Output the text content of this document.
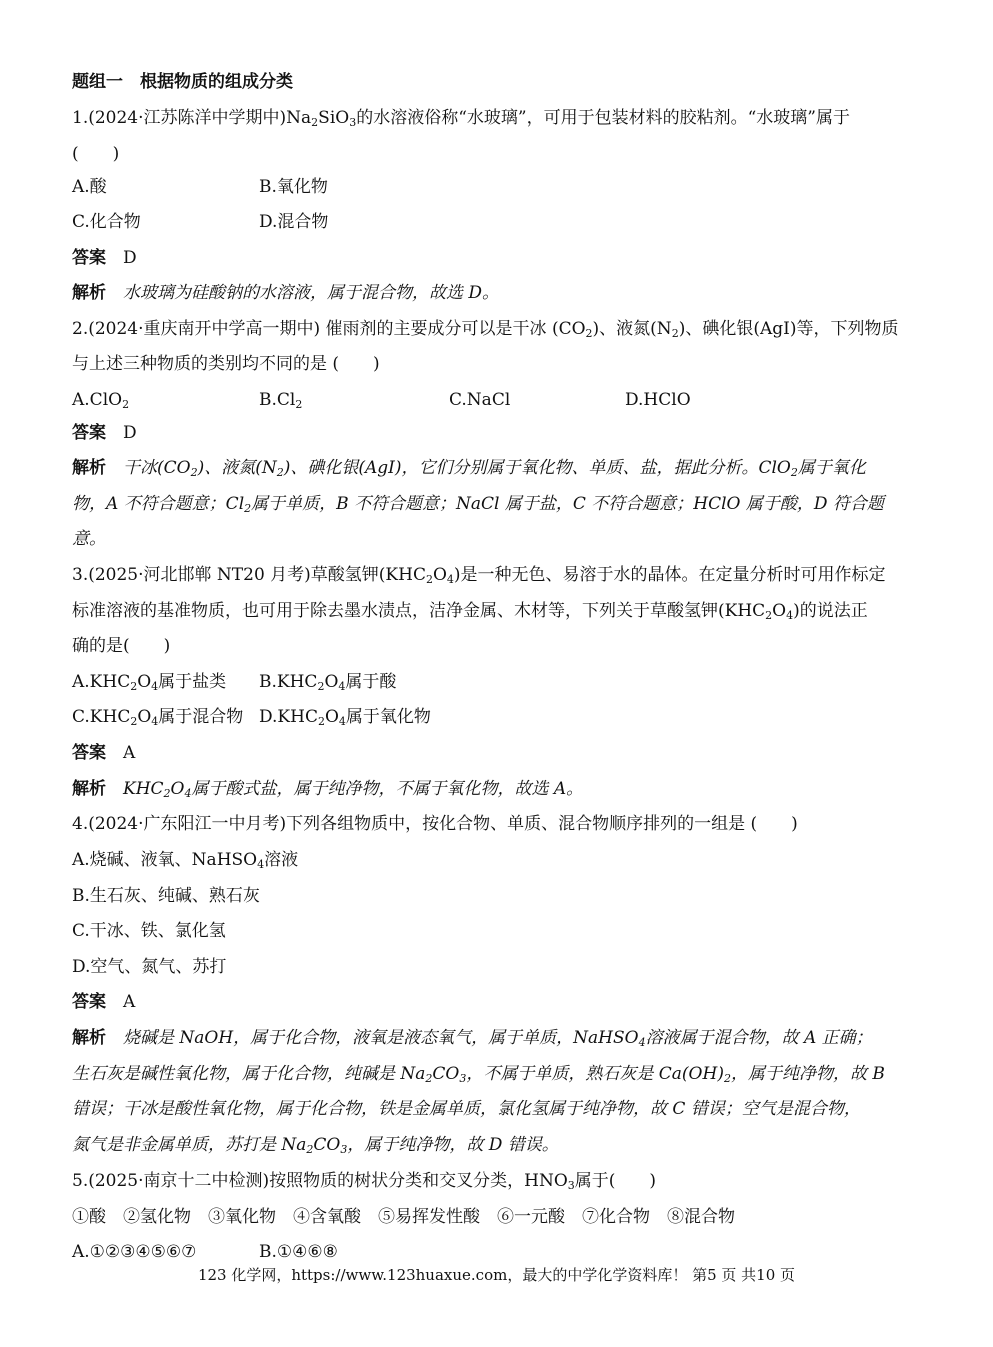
题组一　根据物质的组成分类
1.(2024·江苏陈洋中学期中)$Na_2SiO_3$的水溶液俗称“水玻璃”，可用于包装材料的胶粘剂。“水玻璃”属于
(　　)
A.酸	B.氧化物
C.化合物	D.混合物
答案　 D
解析　 水玻璃为硅酸钠的水溶液，属于混合物，故选 D。
2.(2024·重庆南开中学高一期中) 催雨剂的主要成分可以是干冰 $(CO_2)$、液氮$(N_2)$、碘化银(AgI)等，下列物质
与上述三种物质的类别均不同的是 (　　)
A.ClO$_2$	$B.Cl_2$	C.NaCl	D.HClO
答案　 D
解析　 干冰$(CO_2)$、液氮$(N_2)$、碘化银(AgI)，它们分别属于氧化物、单质、盐，据此分析。ClO$_2$属于氧化
物，A 不符合题意；$Cl_2$属于单质，B 不符合题意；NaCl 属于盐，C 不符合题意；HClO 属于酸，D 符合题
意。
3.(2025·河北邯郸 NT20 月考)草酸氢钾$(KHC_2O_4)$是一种无色、易溶于水的晶体。在定量分析时可用作标定
标准溶液的基准物质，也可用于除去墨水渍点，洁净金属、木材等，下列关于草酸氢钾$(KHC_2O_4)$的说法正
确的是(　　)
$A.KHC_2O_4$属于盐类 $B.KHC_2O_4$属于酸
$C.KHC_2O_4$属于混合物 $D.KHC_2O_4$属于氧化物
答案　 A
解析　 $KHC_2O_4$属于酸式盐，属于纯净物，不属于氧化物，故选 A。
4.(2024·广东阳江一中月考)下列各组物质中，按化合物、单质、混合物顺序排列的一组是 (　　)
A.烧碱、液氧、NaHSO$_4$溶液
B.生石灰、纯碱、熟石灰
C.干冰、铁、氯化氢
D.空气、氮气、苏打
答案　 A
解析　 烧碱是 NaOH，属于化合物，液氧是液态氧气，属于单质，NaHSO$_4$溶液属于混合物，故 A 正确；
生石灰是碱性氧化物，属于化合物，纯碱是 $Na_2CO_3$，不属于单质，熟石灰是 $Ca(OH)_2$，属于纯净物，故 B
错误；干冰是酸性氧化物，属于化合物，铁是金属单质，氯化氢属于纯净物，故 C 错误；空气是混合物，
氮气是非金属单质，苏打是 $Na_2CO_3$，属于纯净物，故 D 错误。
5.(2025·南京十二中检测)按照物质的树状分类和交叉分类，$HNO_3$属于(　　)
①酸　②氢化物　③氧化物　④含氧酸　⑤易挥发性酸　⑥一元酸　⑦化合物　⑧混合物
A.①②③④⑤⑥⑦	B.①④⑥⑧
123 化学网，https://www.123huaxue.com，最大的中学化学资料库！ 第5 页 共10 页
